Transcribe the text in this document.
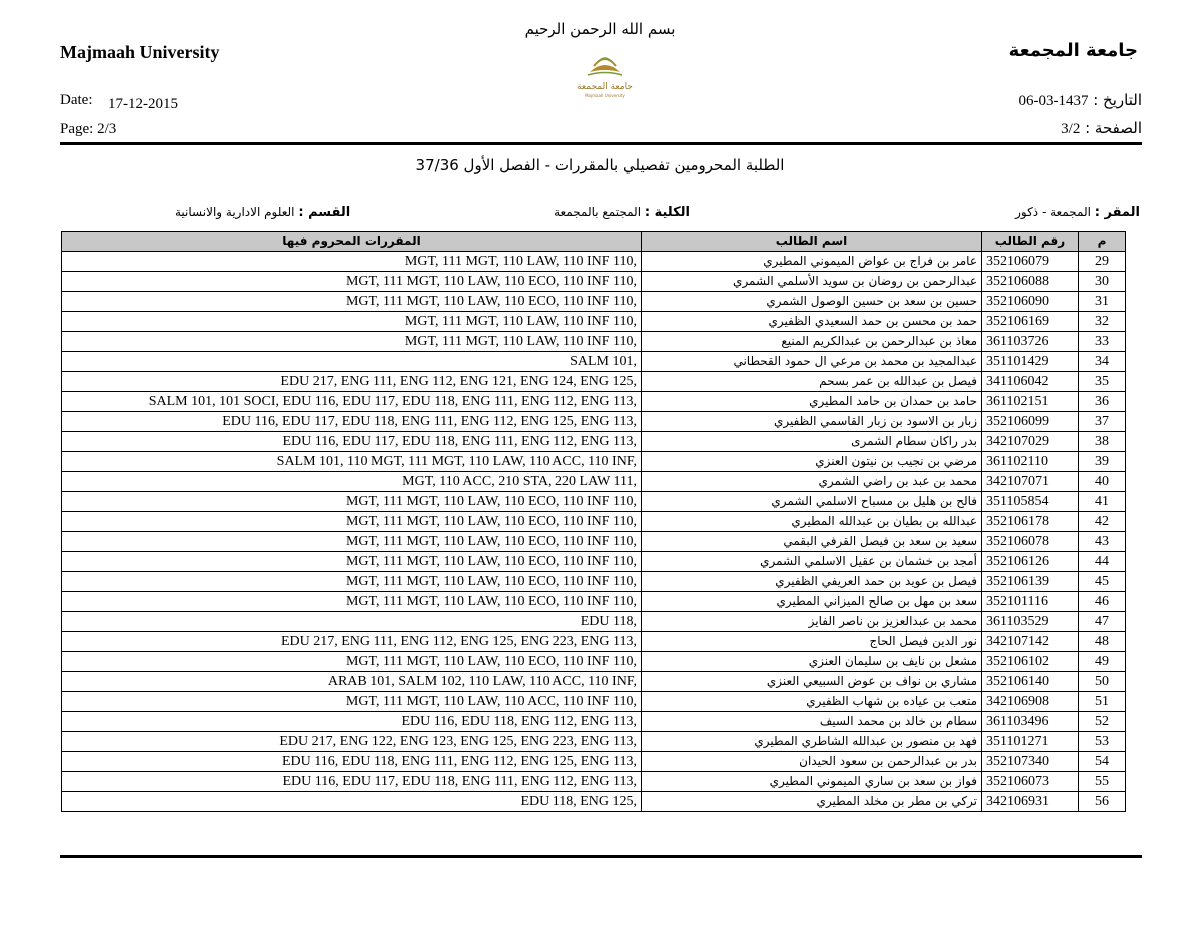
بسم الله الرحمن الرحيم
Majmaah University	جامعة المجمعة
جامعة المجمعة
Majmaah University
Date: 17-12-2015
Page: 2/3
التاريخ : 1437-03-06
الصفحة : 3/2
الطلبة المحرومين تفصيلي بالمقررات - الفصل الأول 37/36
المقر : المجمعة - ذكور
الكلية : المجتمع بالمجمعة
القسم : العلوم الادارية والانسانية
المقررات المحروم فيها	اسم الطالب	رقم الطالب	م
MGT, 111 MGT, 110 LAW, 110 INF 110,	عامر بن فراج بن عواض الميموني المطيري	352106079	29
MGT, 111 MGT, 110 LAW, 110 ECO, 110 INF 110,	عبدالرحمن بن روضان بن سويد الأسلمي الشمري	352106088	30
MGT, 111 MGT, 110 LAW, 110 ECO, 110 INF 110,	حسين بن سعد بن حسين الوصول الشمري	352106090	31
MGT, 111 MGT, 110 LAW, 110 INF 110,	حمد بن محسن بن حمد السعيدي الظفيري	352106169	32
MGT, 111 MGT, 110 LAW, 110 INF 110,	معاذ بن عبدالرحمن بن عبدالكريم المنيع	361103726	33
SALM 101,	عبدالمجيد بن محمد بن مرعي ال حمود القحطاني	351101429	34
EDU 217, ENG 111, ENG 112, ENG 121, ENG 124, ENG 125,	فيصل بن عبدالله بن عمر بسحم	341106042	35
SALM 101, 101 SOCI, EDU 116, EDU 117, EDU 118, ENG 111, ENG 112, ENG 113,	حامد بن حمدان بن حامد المطيري	361102151	36
EDU 116, EDU 117, EDU 118, ENG 111, ENG 112, ENG 125, ENG 113,	زبار بن الاسود بن زبار القاسمي الظفيري	352106099	37
EDU 116, EDU 117, EDU 118, ENG 111, ENG 112, ENG 113,	بدر راكان سطام الشمرى	342107029	38
SALM 101, 110 MGT, 111 MGT, 110 LAW, 110 ACC, 110 INF,	مرضي بن نجيب بن نيتون العنزي	361102110	39
MGT, 110 ACC, 210 STA, 220 LAW 111,	محمد بن عبد بن راضي الشمري	342107071	40
MGT, 111 MGT, 110 LAW, 110 ECO, 110 INF 110,	فالح بن هليل بن مسباح الاسلمي الشمري	351105854	41
MGT, 111 MGT, 110 LAW, 110 ECO, 110 INF 110,	عبدالله بن بطيان بن عبدالله المطيري	352106178	42
MGT, 111 MGT, 110 LAW, 110 ECO, 110 INF 110,	سعيد بن سعد بن فيصل القرفي البقمي	352106078	43
MGT, 111 MGT, 110 LAW, 110 ECO, 110 INF 110,	أمجد بن خشمان بن عقيل الاسلمي الشمري	352106126	44
MGT, 111 MGT, 110 LAW, 110 ECO, 110 INF 110,	فيصل بن عويد بن حمد العريفي الظفيري	352106139	45
MGT, 111 MGT, 110 LAW, 110 ECO, 110 INF 110,	سعد بن مهل بن صالح الميزاني المطيري	352101116	46
EDU 118,	محمد بن عبدالعزيز بن ناصر الفايز	361103529	47
EDU 217, ENG 111, ENG 112, ENG 125, ENG 223, ENG 113,	نور الدين فيصل الحاج	342107142	48
MGT, 111 MGT, 110 LAW, 110 ECO, 110 INF 110,	مشعل بن نايف بن سليمان العنزي	352106102	49
ARAB 101, SALM 102, 110 LAW, 110 ACC, 110 INF,	مشاري بن نواف بن عوض السبيعي العنزي	352106140	50
MGT, 111 MGT, 110 LAW, 110 ACC, 110 INF 110,	متعب بن عياده بن شهاب الظفيري	342106908	51
EDU 116, EDU 118, ENG 112, ENG 113,	سطام بن خالد بن محمد السيف	361103496	52
EDU 217, ENG 122, ENG 123, ENG 125, ENG 223, ENG 113,	فهد بن منصور بن عبدالله الشاطري المطيري	351101271	53
EDU 116, EDU 118, ENG 111, ENG 112, ENG 125, ENG 113,	بدر بن عبدالرحمن بن سعود الحيدان	352107340	54
EDU 116, EDU 117, EDU 118, ENG 111, ENG 112, ENG 113,	فواز بن سعد بن ساري الميموني المطيري	352106073	55
EDU 118, ENG 125,	تركي بن مطر بن مخلد المطيري	342106931	56
